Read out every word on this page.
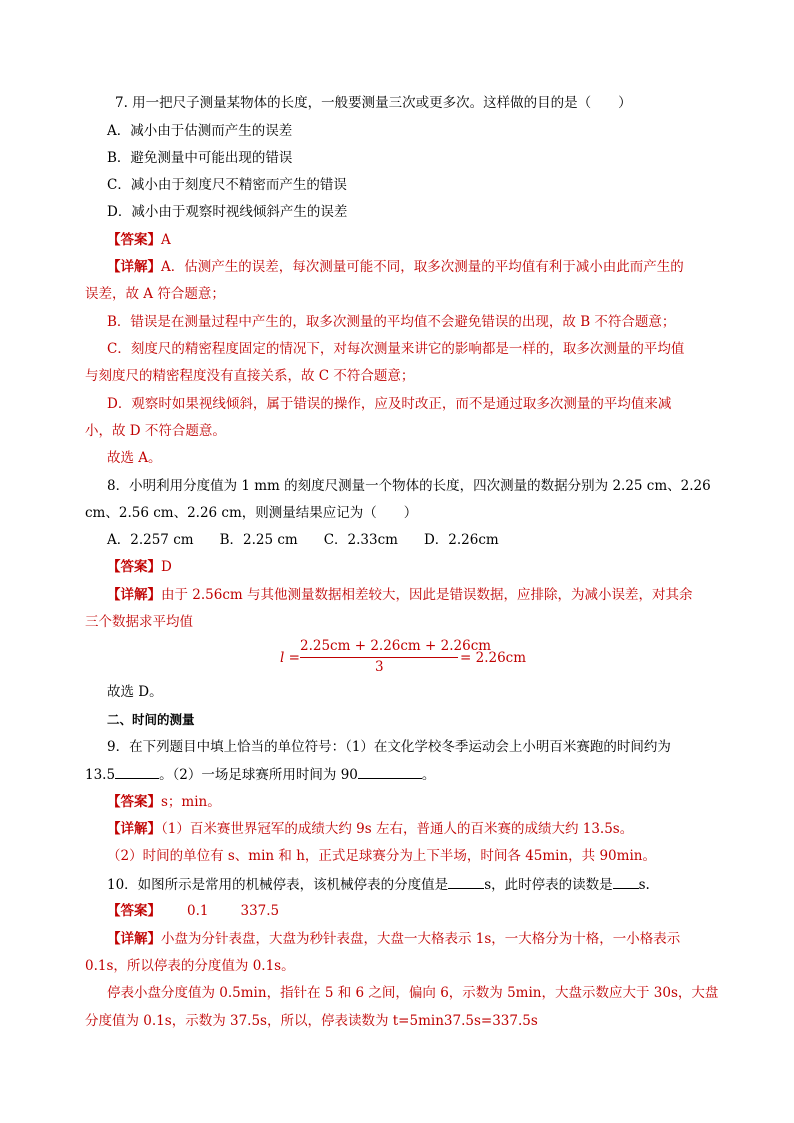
7. 用一把尺子测量某物体的长度，一般要测量三次或更多次。这样做的目的是（　　）
A．减小由于估测而产生的误差
B．避免测量中可能出现的错误
C．减小由于刻度尺不精密而产生的错误
D．减小由于观察时视线倾斜产生的误差
【答案】A
【详解】A．估测产生的误差，每次测量可能不同，取多次测量的平均值有利于减小由此而产生的
误差，故 A 符合题意；
B．错误是在测量过程中产生的，取多次测量的平均值不会避免错误的出现，故 B 不符合题意；
C．刻度尺的精密程度固定的情况下，对每次测量来讲它的影响都是一样的，取多次测量的平均值
与刻度尺的精密程度没有直接关系，故 C 不符合题意；
D．观察时如果视线倾斜，属于错误的操作，应及时改正，而不是通过取多次测量的平均值来减
小，故 D 不符合题意。
故选 A。
8．小明利用分度值为 1 mm 的刻度尺测量一个物体的长度，四次测量的数据分别为 2.25 cm、2.26
cm、2.56 cm、2.26 cm，则测量结果应记为（　　）
A．2.257 cm B．2.25 cm C．2.33cm D．2.26cm
【答案】D
【详解】由于 2.56cm 与其他测量数据相差较大，因此是错误数据，应排除，为减小误差，对其余
三个数据求平均值
l =
2.25cm + 2.26cm + 2.26cm
3
= 2.26cm
故选 D。
二、时间的测量
9．在下列题目中填上恰当的单位符号：（1）在文化学校冬季运动会上小明百米赛跑的时间约为
13.5	。（2）一场足球赛所用时间为 90	。
【答案】s；min。
【详解】（1）百米赛世界冠军的成绩大约 9s 左右，普通人的百米赛的成绩大约 13.5s。
（2）时间的单位有 s、min 和 h，正式足球赛分为上下半场，时间各 45min，共 90min。
10．如图所示是常用的机械停表，该机械停表的分度值是	s，此时停表的读数是 s.
【答案】 0.1 337.5
【详解】小盘为分针表盘，大盘为秒针表盘，大盘一大格表示 1s，一大格分为十格，一小格表示
0.1s，所以停表的分度值为 0.1s。
停表小盘分度值为 0.5min，指针在 5 和 6 之间，偏向 6，示数为 5min，大盘示数应大于 30s，大盘
分度值为 0.1s，示数为 37.5s，所以，停表读数为 t=5min37.5s=337.5s
